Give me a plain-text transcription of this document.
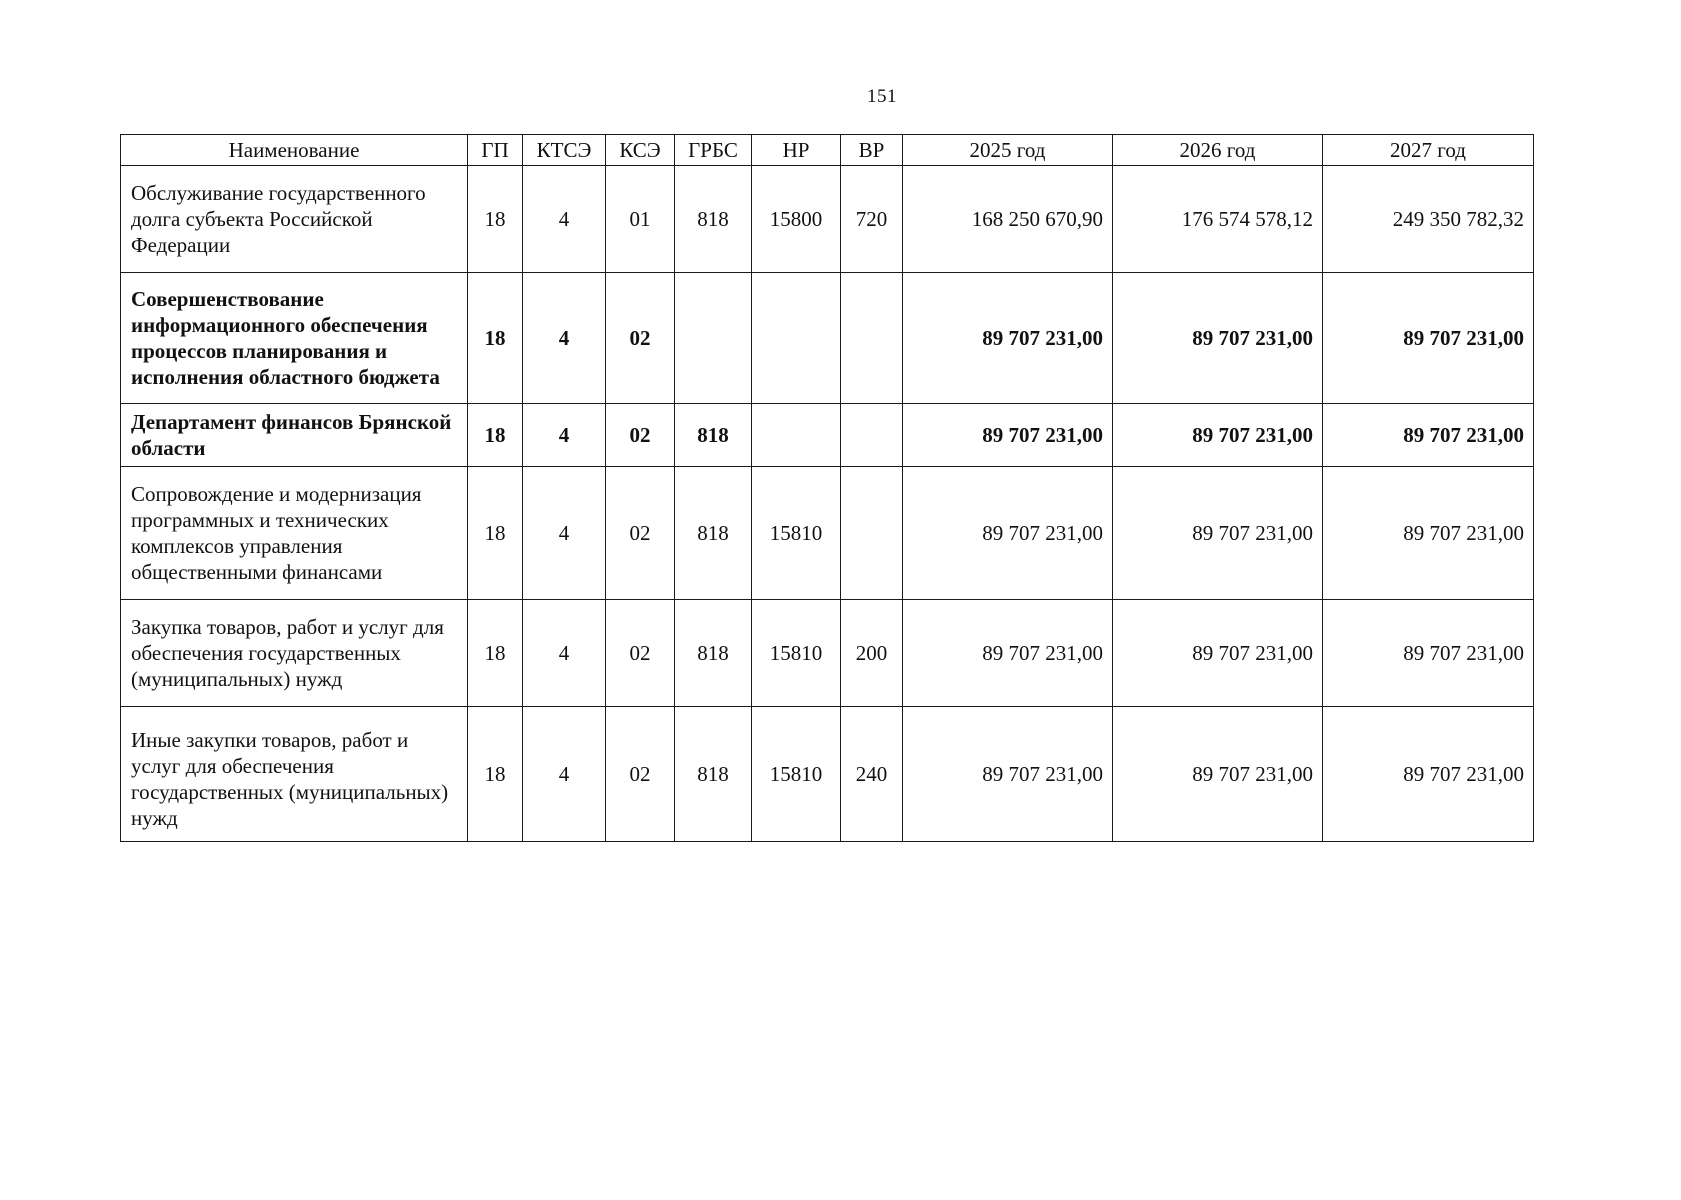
151
Наименование	ГП	КТСЭ	КСЭ	ГРБС	НР	ВР	2025 год	2026 год	2027 год
Обслуживание государственного долга субъекта Российской Федерации	18	4	01	818	15800	720	168 250 670,90	176 574 578,12	249 350 782,32
Совершенствование информационного обеспечения процессов планирования и исполнения областного бюджета	18	4	02				89 707 231,00	89 707 231,00	89 707 231,00
Департамент финансов Брянской области	18	4	02	818			89 707 231,00	89 707 231,00	89 707 231,00
Сопровождение и модернизация программных и технических комплексов управления общественными финансами	18	4	02	818	15810		89 707 231,00	89 707 231,00	89 707 231,00
Закупка товаров, работ и услуг для обеспечения государственных (муниципальных) нужд	18	4	02	818	15810	200	89 707 231,00	89 707 231,00	89 707 231,00
Иные закупки товаров, работ и услуг для обеспечения государственных (муниципальных) нужд	18	4	02	818	15810	240	89 707 231,00	89 707 231,00	89 707 231,00
